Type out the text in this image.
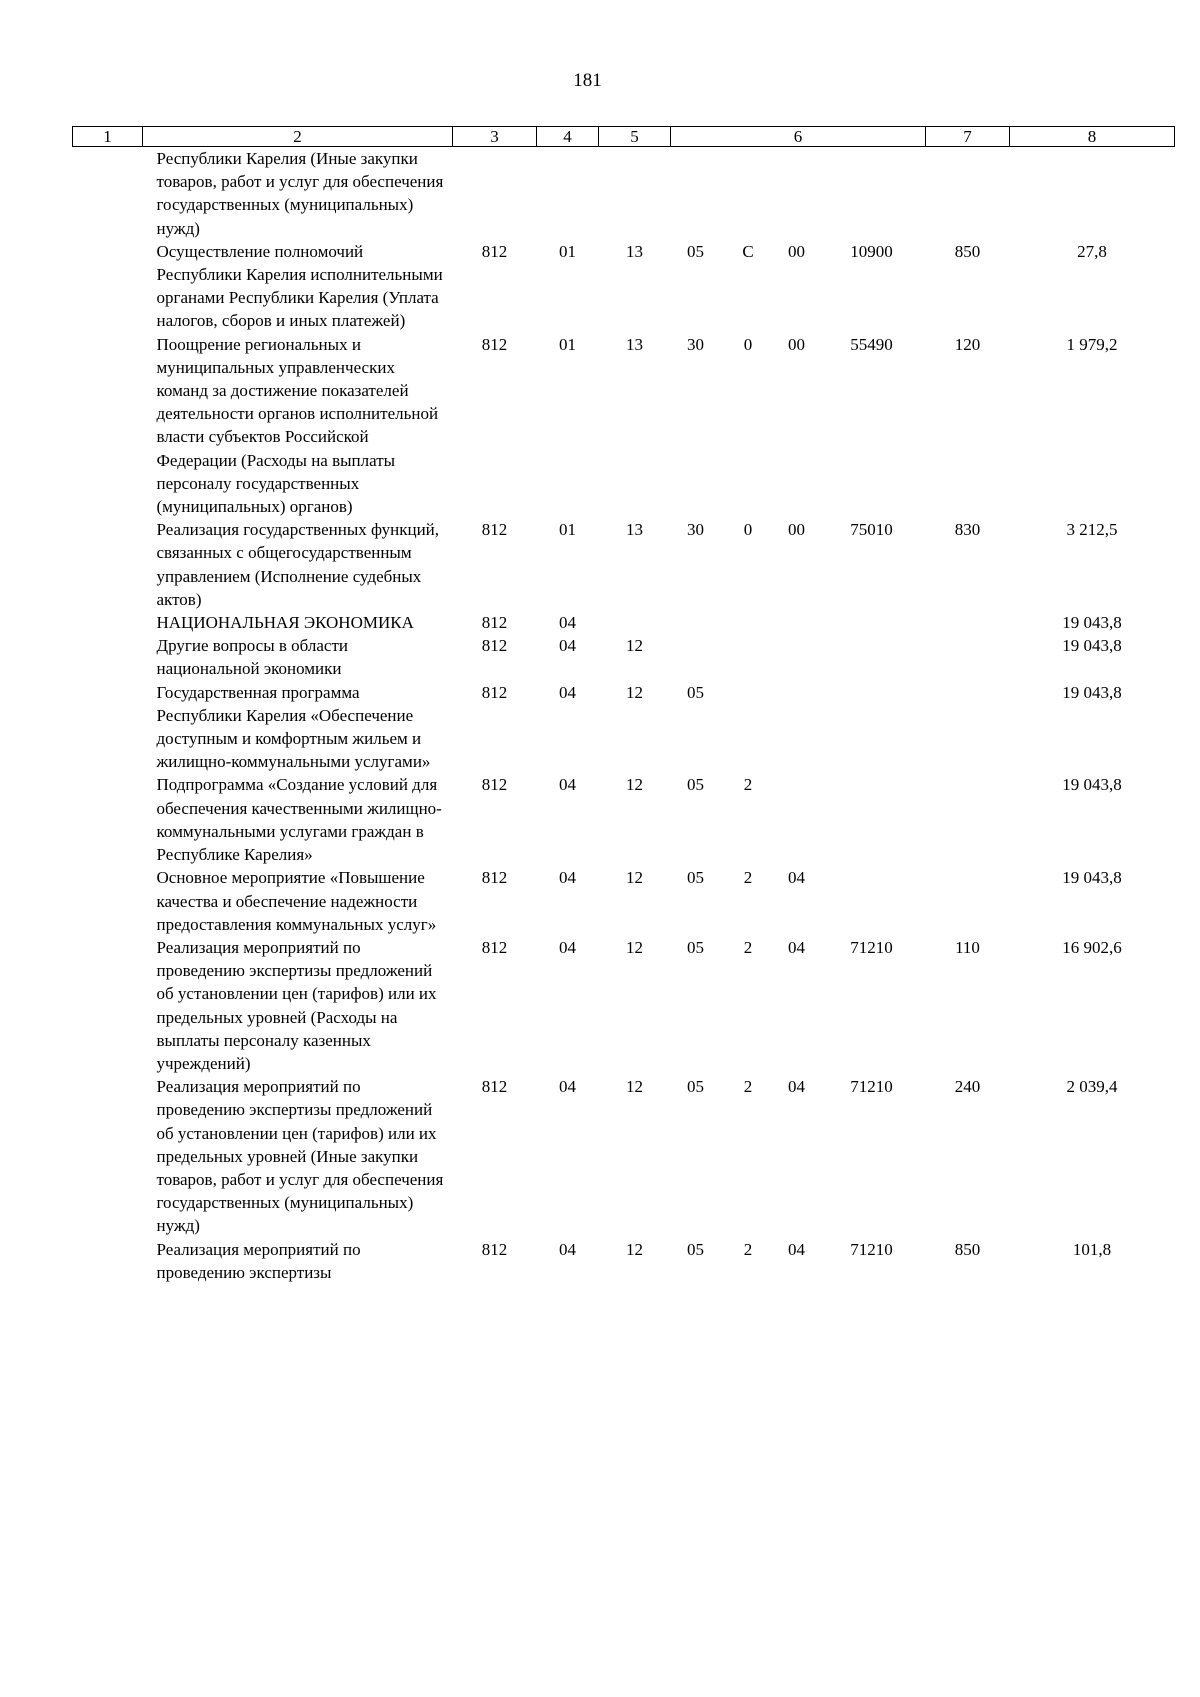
181
1	2	3	4	5	6				7	8
	Республики Карелия (Иные закупки товаров, работ и услуг для обеспечения государственных (муниципальных) нужд)									
	Осуществление полномочий Республики Карелия исполнительными органами Республики Карелия (Уплата налогов, сборов и иных платежей)	812	01	13	05	С	00	10900	850	27,8
	Поощрение региональных и муниципальных управленческих команд за достижение показателей деятельности органов исполнительной власти субъектов Российской Федерации (Расходы на выплаты персоналу государственных (муниципальных) органов)	812	01	13	30	0	00	55490	120	1 979,2
	Реализация государственных функций, связанных с общегосударственным управлением (Исполнение судебных актов)	812	01	13	30	0	00	75010	830	3 212,5
	НАЦИОНАЛЬНАЯ ЭКОНОМИКА	812	04							19 043,8
	Другие вопросы в области национальной экономики	812	04	12						19 043,8
	Государственная программа Республики Карелия «Обеспечение доступным и комфортным жильем и жилищно-коммунальными услугами»	812	04	12	05					19 043,8
	Подпрограмма «Создание условий для обеспечения качественными жилищно-коммунальными услугами граждан в Республике Карелия»	812	04	12	05	2				19 043,8
	Основное мероприятие «Повышение качества и обеспечение надежности предоставления коммунальных услуг»	812	04	12	05	2	04			19 043,8
	Реализация мероприятий по проведению экспертизы предложений об установлении цен (тарифов) или их предельных уровней (Расходы на выплаты персоналу казенных учреждений)	812	04	12	05	2	04	71210	110	16 902,6
	Реализация мероприятий по проведению экспертизы предложений об установлении цен (тарифов) или их предельных уровней (Иные закупки товаров, работ и услуг для обеспечения государственных (муниципальных) нужд)	812	04	12	05	2	04	71210	240	2 039,4
	Реализация мероприятий по проведению экспертизы	812	04	12	05	2	04	71210	850	101,8
